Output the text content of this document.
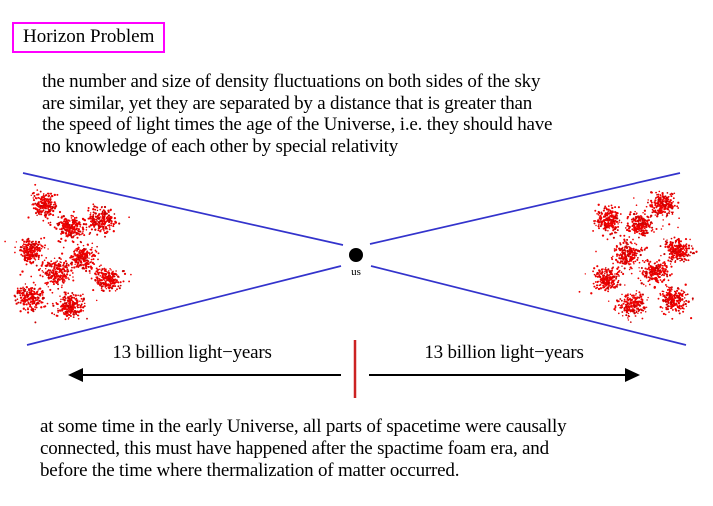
Horizon Problem
the number and size of density fluctuations on both sides of the sky
are similar, yet they are separated by a distance that is greater than
the speed of light times the age of the Universe, i.e. they should have
no knowledge of each other by special relativity
13 billion light−years	13 billion light−years
us
at some time in the early Universe, all parts of spacetime were causally
connected, this must have happened after the spactime foam era, and
before the time where thermalization of matter occurred.
